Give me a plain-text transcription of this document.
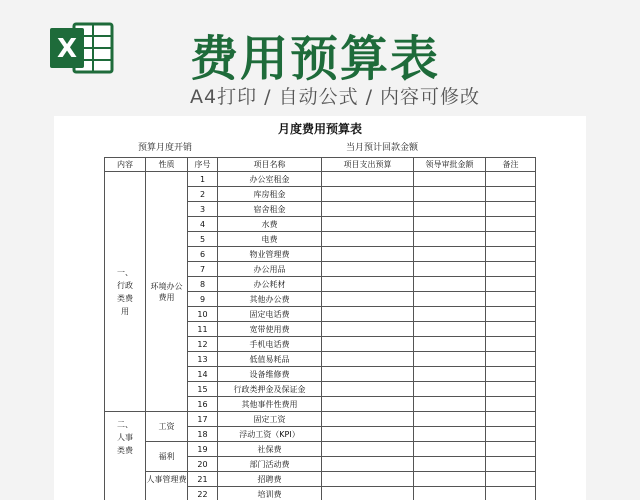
X 费用预算表
A4打印 / 自动公式 / 内容可修改
月度费用预算表
预算月度开销	当月预计回款金额
内容	性质	序号	项目名称	项目支出预算	领导审批金额	备注
一、行政类费用	环境办公费用	1	办公室租金			
		2	库房租金			
		3	宿舍租金			
		4	水费			
		5	电费			
		6	物业管理费			
		7	办公用品			
		8	办公耗材			
		9	其他办公费			
		10	固定电话费			
		11	宽带使用费			
		12	手机电话费			
		13	低值易耗品			
		14	设备维修费			
		15	行政类押金及保证金			
		16	其他事件性费用			
二、人事类费	工资	17	固定工资			
		18	浮动工资（KPI）			
	福利	19	社保费			
		20	部门活动费			
	人事管理费	21	招聘费			
		22	培训费			
